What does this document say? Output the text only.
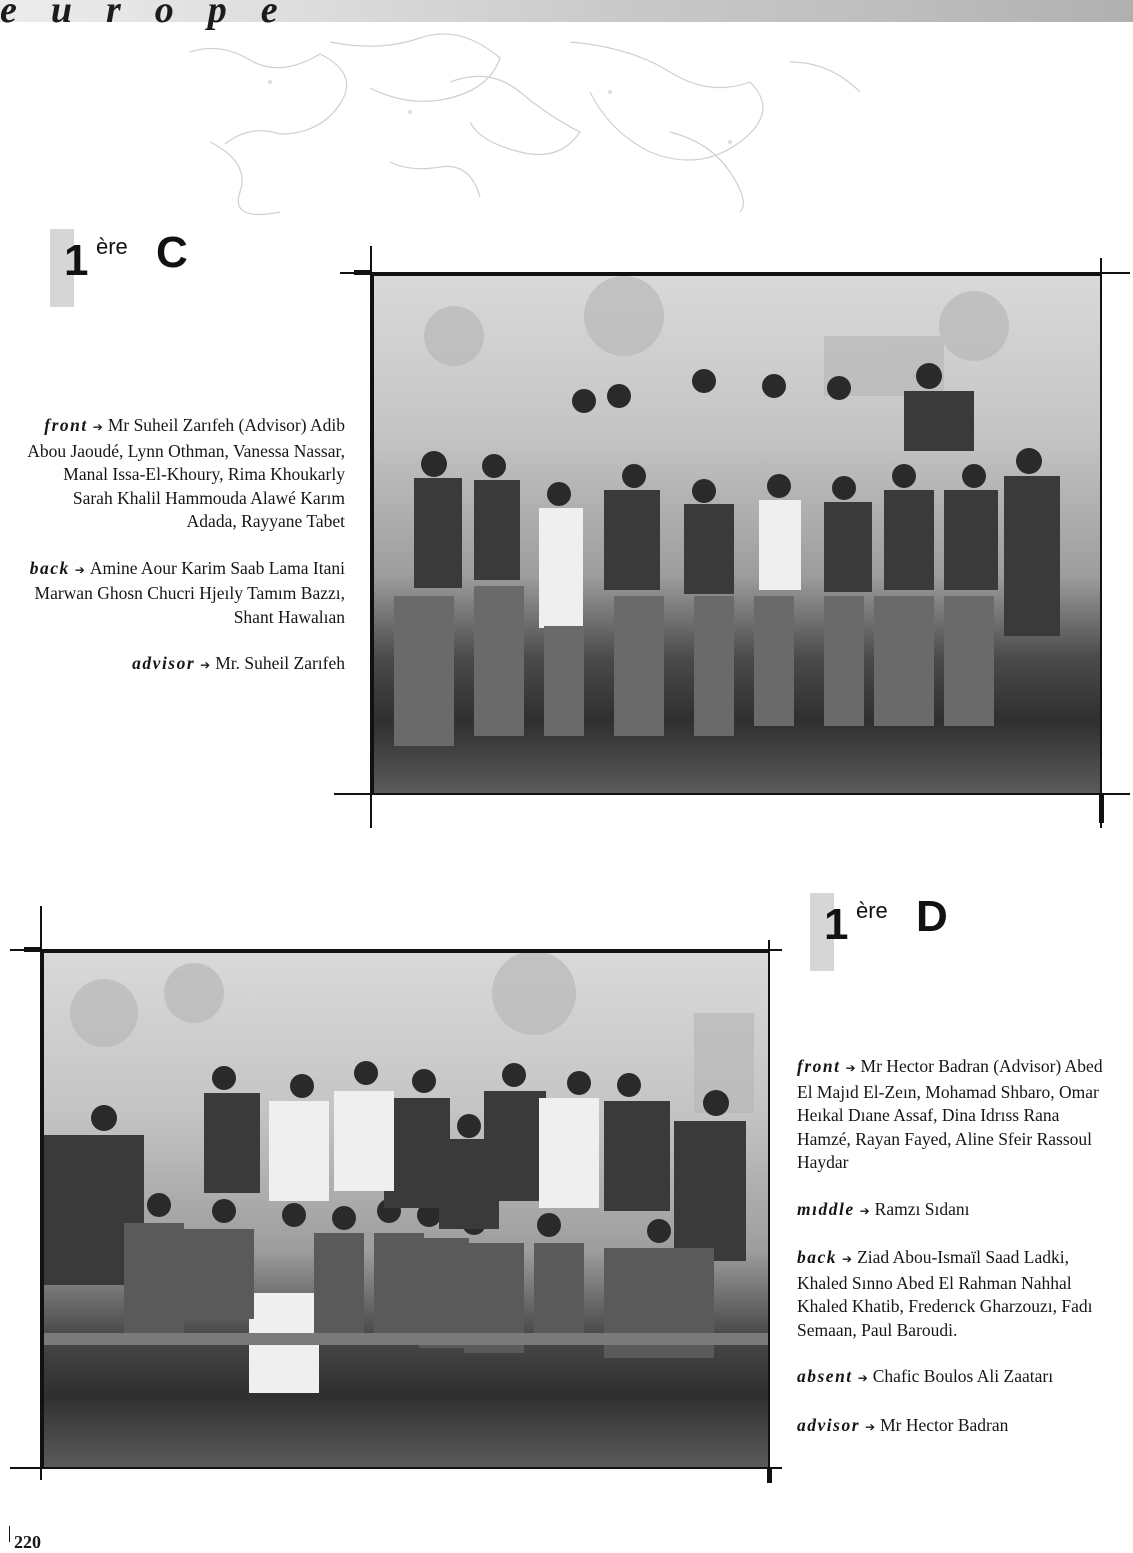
europe
1 ère C

front ➔ Mr Suheil Zarıfeh (Advisor) Adib Abou Jaoudé, Lynn Othman, Vanessa Nassar, Manal Issa-El-Khoury, Rima Khoukarly Sarah Khalil Hammouda Alawé Karım Adada, Rayyane Tabet

back ➔ Amine Aour Karim Saab Lama Itani Marwan Ghosn Chucri Hjeıly Tamım Bazzı, Shant Hawalıan

advisor ➔ Mr. Suheil Zarıfeh

1 ère D

front ➔ Mr Hector Badran (Advisor) Abed El Majıd El-Zeın, Mohamad Shbaro, Omar Heıkal Dıane Assaf, Dina Idrıss Rana Hamzé, Rayan Fayed, Aline Sfeir Rassoul Haydar

mıddle ➔ Ramzı Sıdanı

back ➔ Ziad Abou-Ismaïl Saad Ladki, Khaled Sınno Abed El Rahman Nahhal Khaled Khatib, Frederıck Gharzouzı, Fadı Semaan, Paul Baroudi.

absent ➔ Chafic Boulos Ali Zaatarı

advisor ➔ Mr Hector Badran

220
